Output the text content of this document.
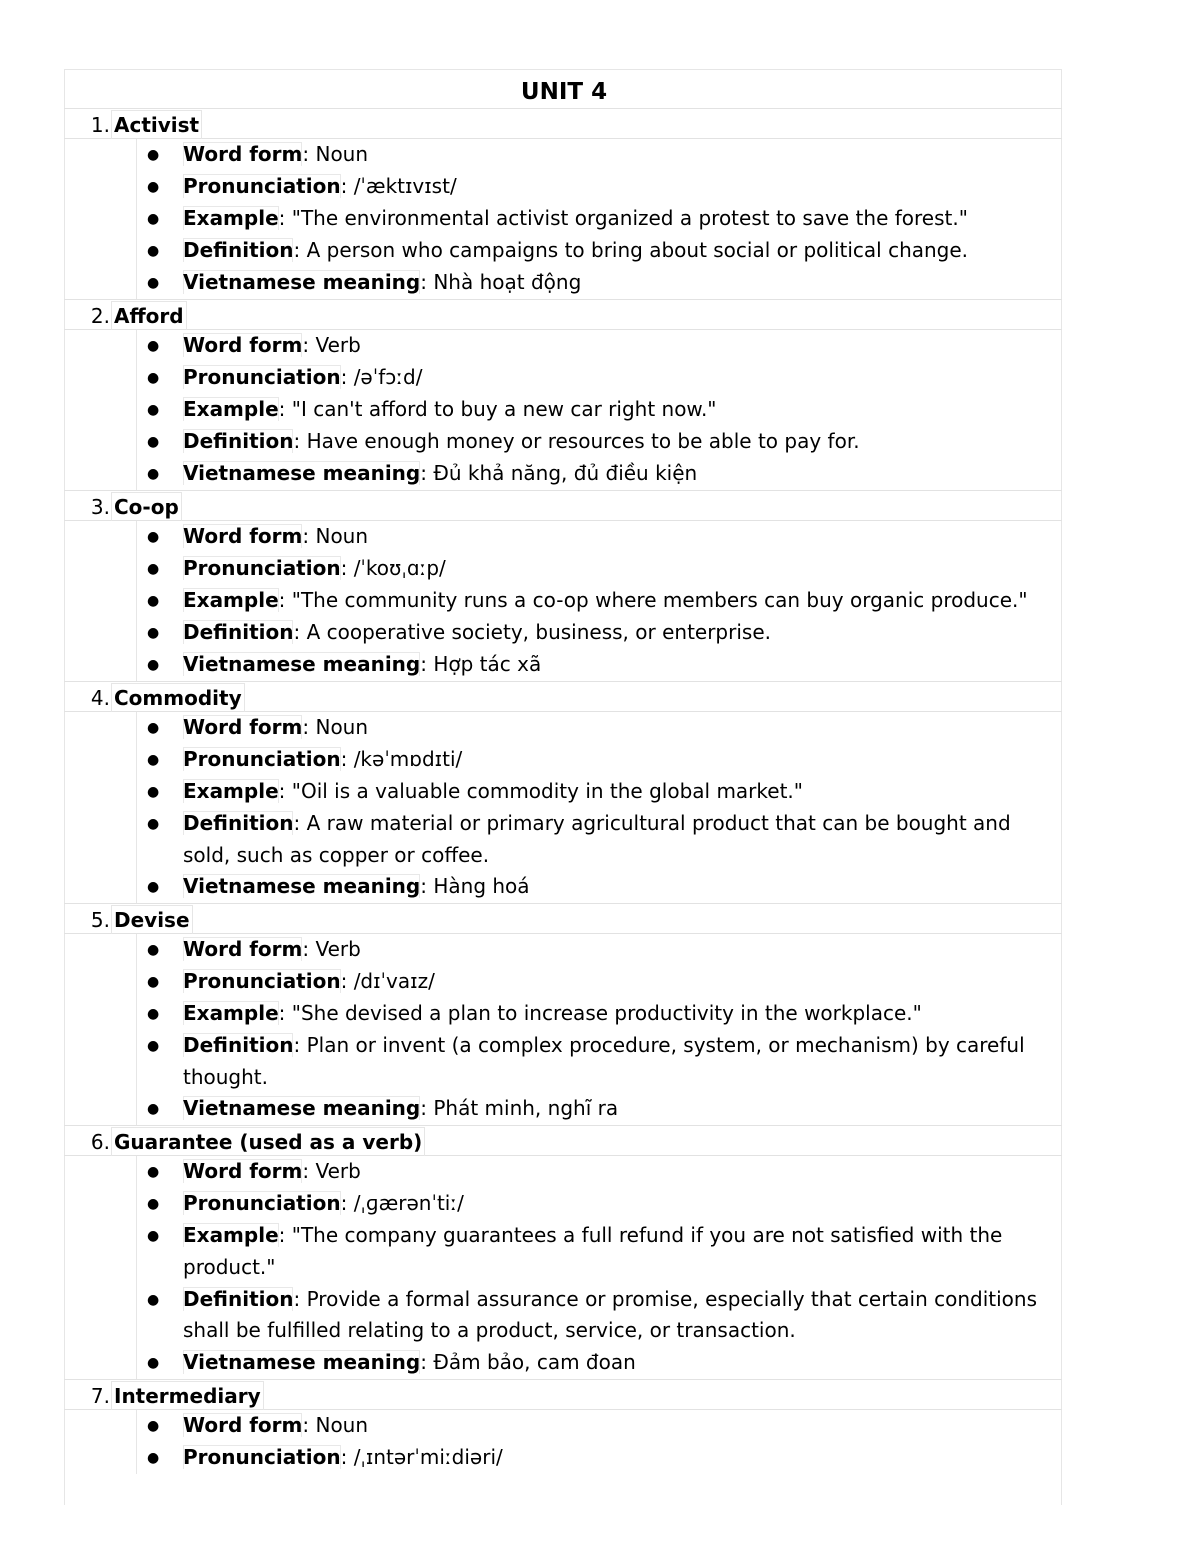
UNIT 4
1. Activist
● Word form: Noun
● Pronunciation: /ˈæktɪvɪst/
● Example: "The environmental activist organized a protest to save the forest."
● Definition: A person who campaigns to bring about social or political change.
● Vietnamese meaning: Nhà hoạt động
2. Afford
● Word form: Verb
● Pronunciation: /əˈfɔːd/
● Example: "I can't afford to buy a new car right now."
● Definition: Have enough money or resources to be able to pay for.
● Vietnamese meaning: Đủ khả năng, đủ điều kiện
3. Co-op
● Word form: Noun
● Pronunciation: /ˈkoʊˌɑːp/
● Example: "The community runs a co-op where members can buy organic produce."
● Definition: A cooperative society, business, or enterprise.
● Vietnamese meaning: Hợp tác xã
4. Commodity
● Word form: Noun
● Pronunciation: /kəˈmɒdɪti/
● Example: "Oil is a valuable commodity in the global market."
● Definition: A raw material or primary agricultural product that can be bought and sold, such as copper or coffee.
● Vietnamese meaning: Hàng hoá
5. Devise
● Word form: Verb
● Pronunciation: /dɪˈvaɪz/
● Example: "She devised a plan to increase productivity in the workplace."
● Definition: Plan or invent (a complex procedure, system, or mechanism) by careful thought.
● Vietnamese meaning: Phát minh, nghĩ ra
6. Guarantee (used as a verb)
● Word form: Verb
● Pronunciation: /ˌɡærənˈtiː/
● Example: "The company guarantees a full refund if you are not satisfied with the product."
● Definition: Provide a formal assurance or promise, especially that certain conditions shall be fulfilled relating to a product, service, or transaction.
● Vietnamese meaning: Đảm bảo, cam đoan
7. Intermediary
● Word form: Noun
● Pronunciation: /ˌɪntərˈmiːdiəri/
